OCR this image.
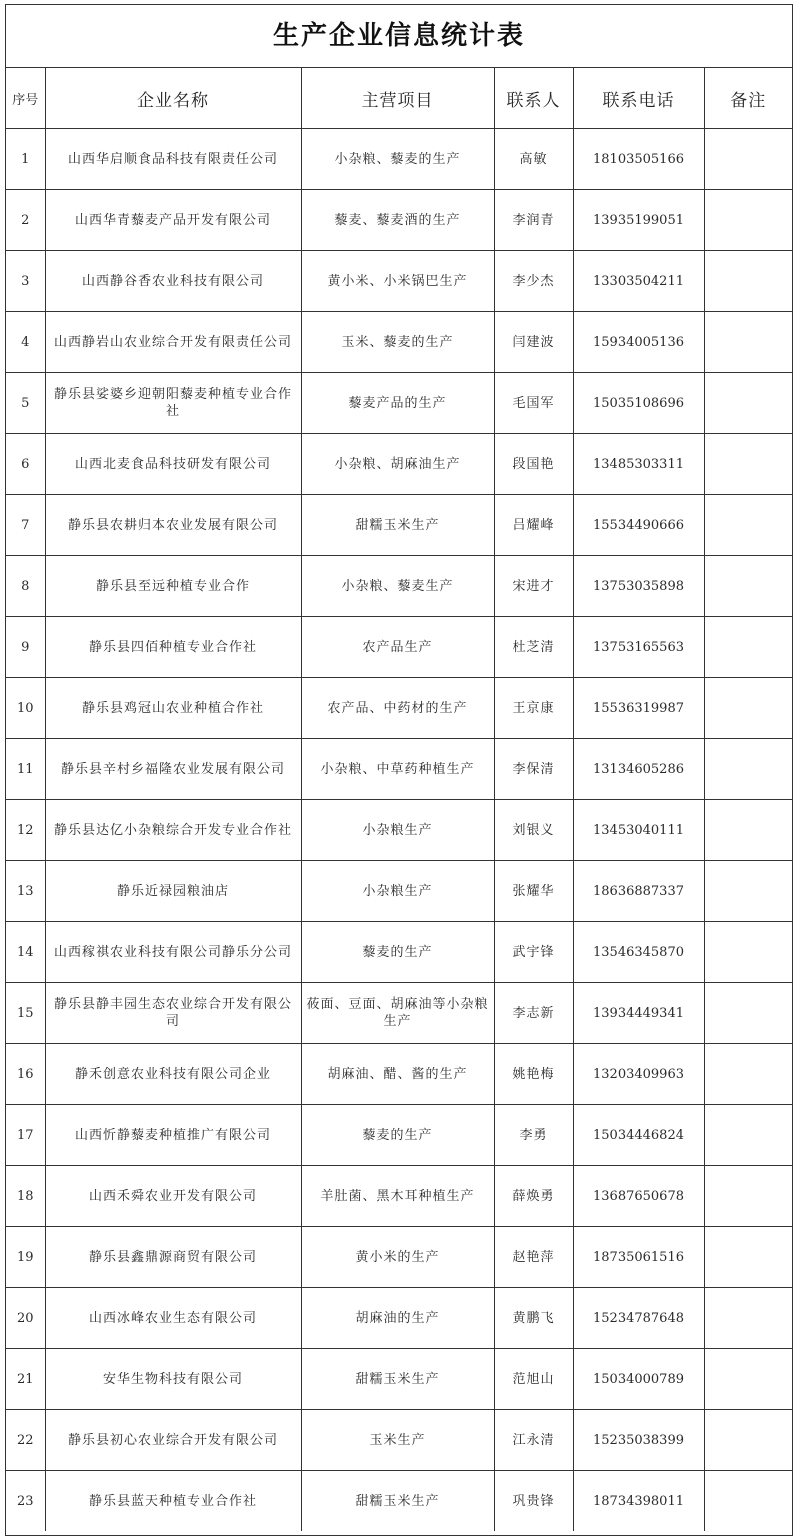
生产企业信息统计表
序号	企业名称	主营项目	联系人	联系电话	备注
1	山西华启顺食品科技有限责任公司	小杂粮、藜麦的生产	高敏	18103505166	
2	山西华青藜麦产品开发有限公司	藜麦、藜麦酒的生产	李润青	13935199051	
3	山西静谷香农业科技有限公司	黄小米、小米锅巴生产	李少杰	13303504211	
4	山西静岩山农业综合开发有限责任公司	玉米、藜麦的生产	闫建波	15934005136	
5	静乐县娑婆乡迎朝阳藜麦种植专业合作社	藜麦产品的生产	毛国军	15035108696	
6	山西北麦食品科技研发有限公司	小杂粮、胡麻油生产	段国艳	13485303311	
7	静乐县农耕归本农业发展有限公司	甜糯玉米生产	吕耀峰	15534490666	
8	静乐县至远种植专业合作	小杂粮、藜麦生产	宋进才	13753035898	
9	静乐县四佰种植专业合作社	农产品生产	杜芝清	13753165563	
10	静乐县鸡冠山农业种植合作社	农产品、中药材的生产	王京康	15536319987	
11	静乐县辛村乡福隆农业发展有限公司	小杂粮、中草药种植生产	李保清	13134605286	
12	静乐县达亿小杂粮综合开发专业合作社	小杂粮生产	刘银义	13453040111	
13	静乐近禄园粮油店	小杂粮生产	张耀华	18636887337	
14	山西稼祺农业科技有限公司静乐分公司	藜麦的生产	武宇锋	13546345870	
15	静乐县静丰园生态农业综合开发有限公司	莜面、豆面、胡麻油等小杂粮生产	李志新	13934449341	
16	静禾创意农业科技有限公司企业	胡麻油、醋、酱的生产	姚艳梅	13203409963	
17	山西忻静藜麦种植推广有限公司	藜麦的生产	李勇	15034446824	
18	山西禾舜农业开发有限公司	羊肚菌、黑木耳种植生产	薛焕勇	13687650678	
19	静乐县鑫鼎源商贸有限公司	黄小米的生产	赵艳萍	18735061516	
20	山西冰峰农业生态有限公司	胡麻油的生产	黄鹏飞	15234787648	
21	安华生物科技有限公司	甜糯玉米生产	范旭山	15034000789	
22	静乐县初心农业综合开发有限公司	玉米生产	江永清	15235038399	
23	静乐县蓝天种植专业合作社	甜糯玉米生产	巩贵锋	18734398011	
